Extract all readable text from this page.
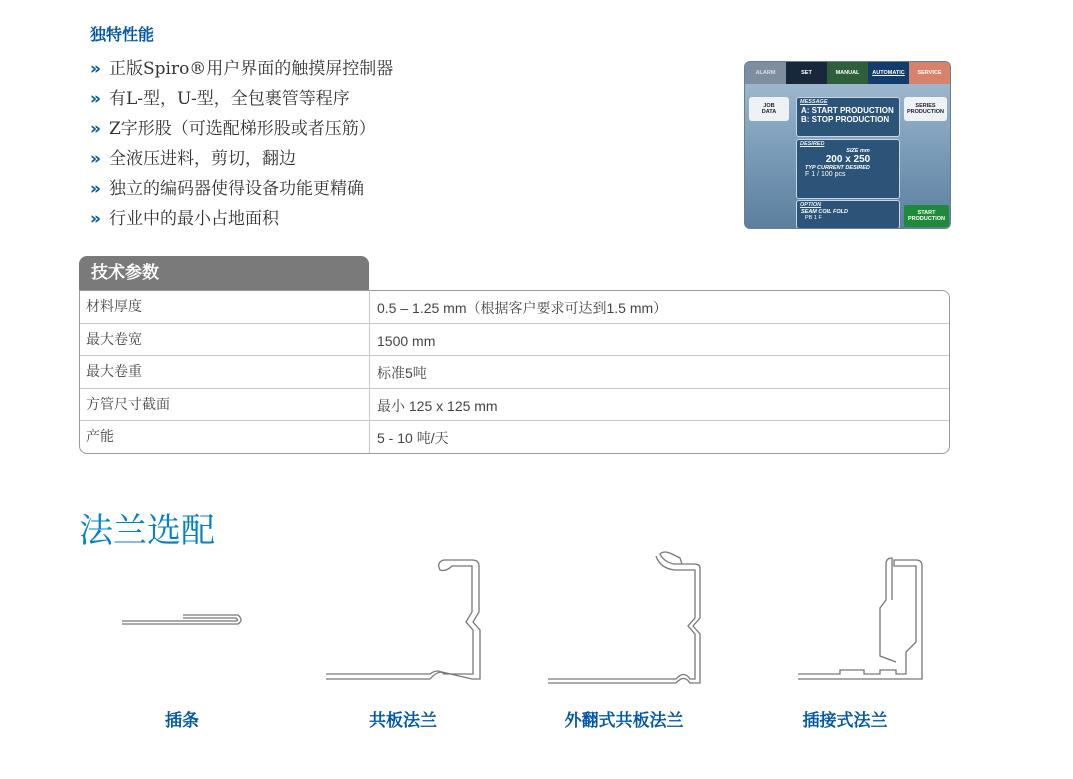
独特性能
» 正版Spiro®用户界面的触摸屏控制器
» 有L-型，U-型，全包裹管等程序
» Z字形股（可选配梯形股或者压筋）
» 全液压进料，剪切，翻边
» 独立的编码器使得设备功能更精确
» 行业中的最小占地面积
ALARM	SET	MANUAL	AUTOMATIC	SERVICE
JOB
DATA
MESSAGE
A: START PRODUCTION
B: STOP PRODUCTION
SERIES
PRODUCTION
DESIRED
SIZE mm
200 x 250
TYP CURRENT DESIRED
F 1 / 100 pcs
OPTION
SEAM COIL FOLD
PB 1 F
START
PRODUCTION
技术参数
材料厚度	0.5 – 1.25 mm（根据客户要求可达到1.5 mm）
最大卷宽	1500 mm
最大卷重	标准5吨
方管尺寸截面	最小 125 x 125 mm
产能	5 - 10 吨/天
法兰选配
插条	共板法兰	外翻式共板法兰	插接式法兰
